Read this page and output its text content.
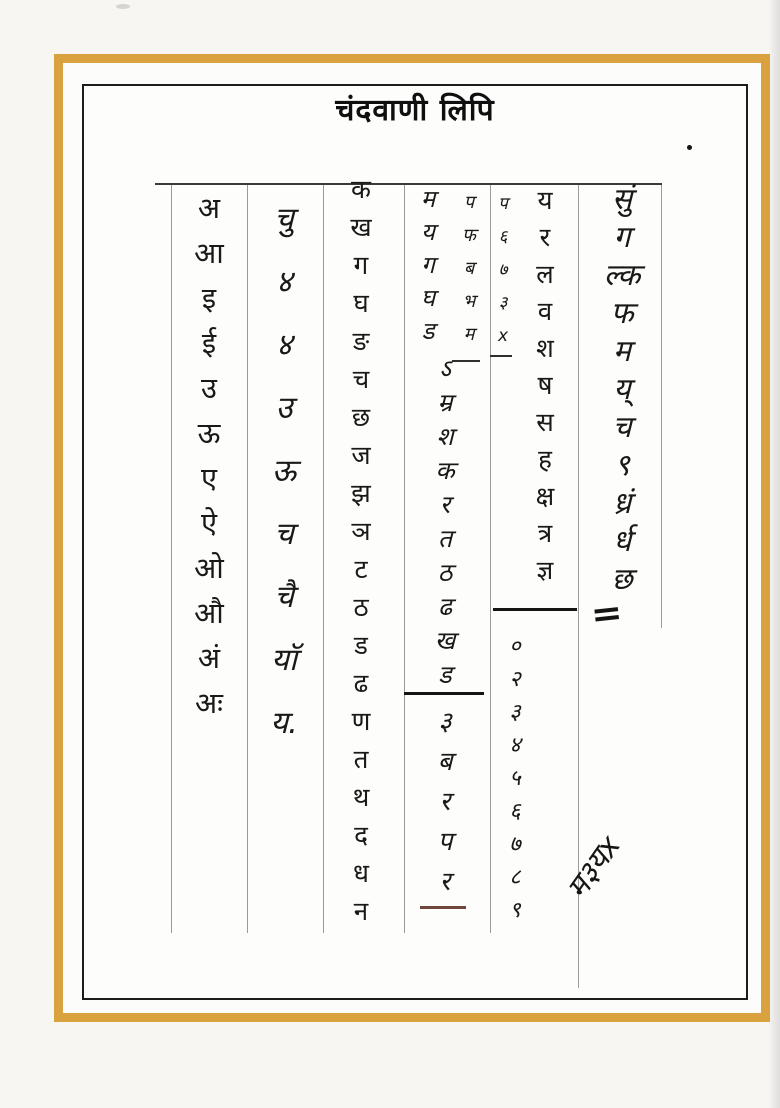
चंदवाणी लिपि
अ
आ
इ
ई
उ
ऊ
ए
ऐ
ओ
औ
अं
अः
चु
४
४
उ
ऊ
च
चै
यॉ
य.
क
ख
ग
घ
ङ
च
छ
ज
झ
ञ
ट
ठ
ड
ढ
ण
त
थ
द
ध
न
म
य
ग
घ
ड
प
फ
ब
भ
म
ऽ
म्र
श
क
र
त
ठ
ढ
ख
ड
३
ब
र
प
र
प
६
७
३
x
य
र
ल
व
श
ष
स
ह
क्ष
त्र
ज्ञ
०
२
३
४
५
६
७
८
९
सुं
ग
ल्क
फ
म
य्
च
९
ध्रं
र्ध
छ
॥
म३यx
